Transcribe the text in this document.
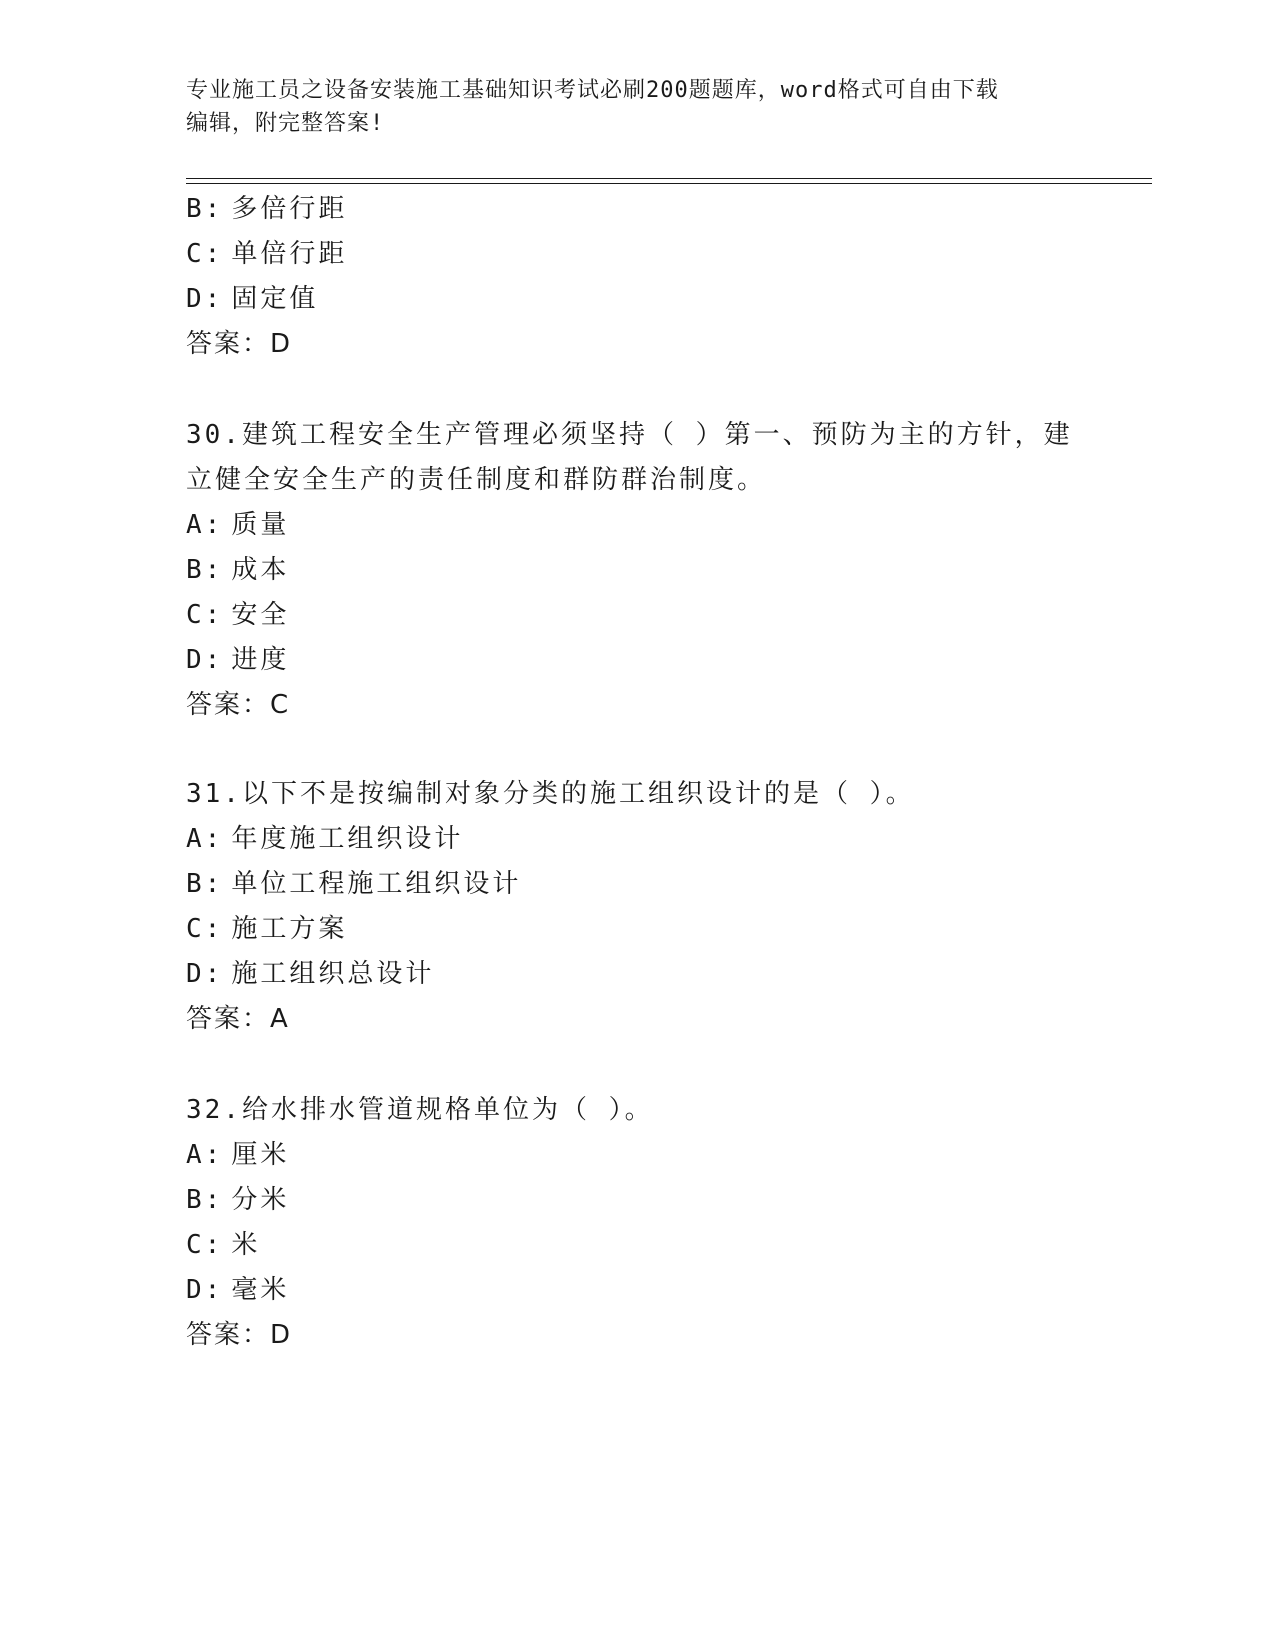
专业施工员之设备安装施工基础知识考试必刷200题题库，word格式可自由下载
编辑，附完整答案!
B: 多倍行距
C: 单倍行距
D: 固定值
答案：D
30.建筑工程安全生产管理必须坚持（ ）第一、预防为主的方针，建
立健全安全生产的责任制度和群防群治制度。
A: 质量
B: 成本
C: 安全
D: 进度
答案：C
31.以下不是按编制对象分类的施工组织设计的是（ ）。
A: 年度施工组织设计
B: 单位工程施工组织设计
C: 施工方案
D: 施工组织总设计
答案：A
32.给水排水管道规格单位为（ ）。
A: 厘米
B: 分米
C: 米
D: 毫米
答案：D
